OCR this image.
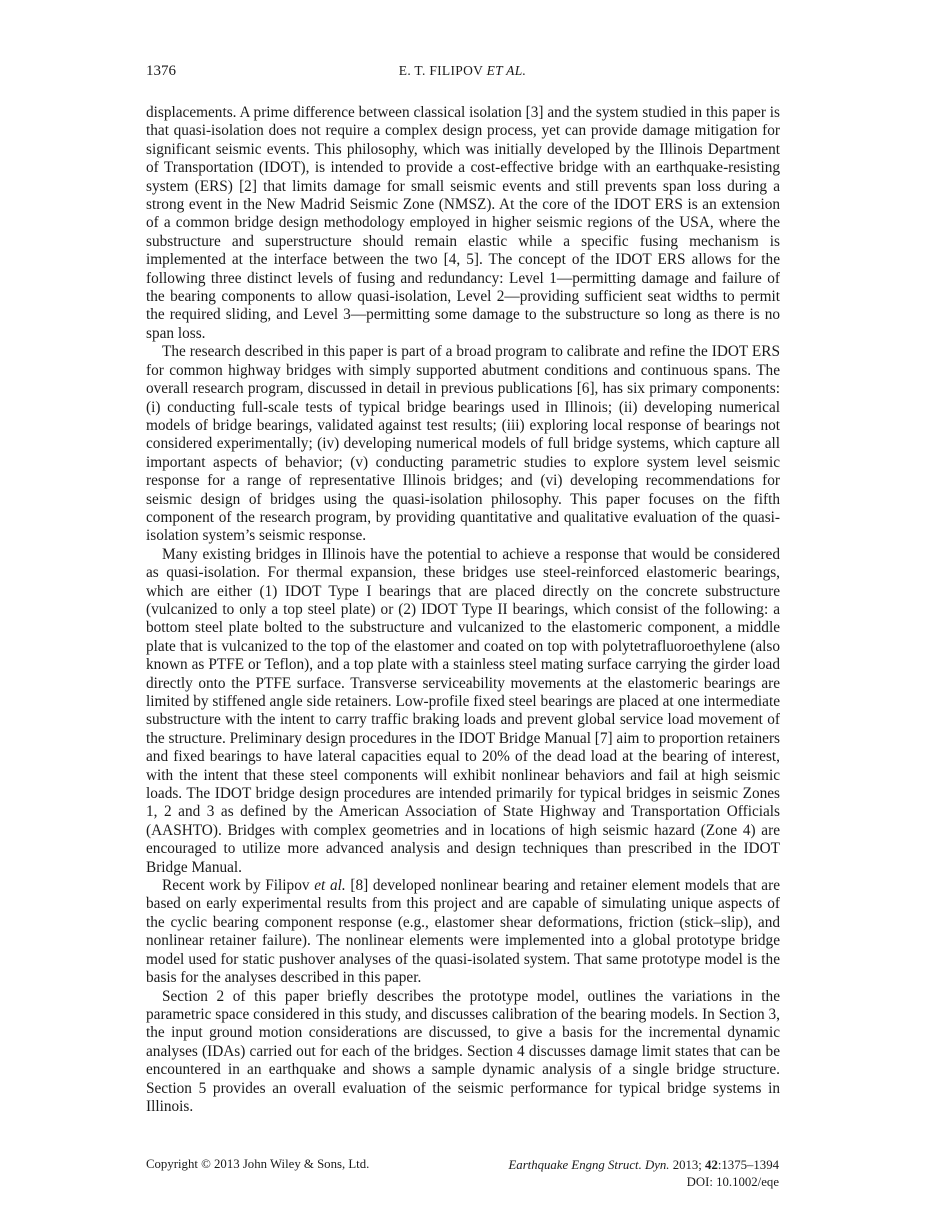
1376	E. T. FILIPOV ET AL.

displacements. A prime difference between classical isolation [3] and the system studied in this paper is that quasi-isolation does not require a complex design process, yet can provide damage mitigation for significant seismic events. This philosophy, which was initially developed by the Illinois Department of Transportation (IDOT), is intended to provide a cost-effective bridge with an earthquake-resisting system (ERS) [2] that limits damage for small seismic events and still prevents span loss during a strong event in the New Madrid Seismic Zone (NMSZ). At the core of the IDOT ERS is an extension of a common bridge design methodology employed in higher seismic regions of the USA, where the substructure and superstructure should remain elastic while a specific fusing mechanism is implemented at the interface between the two [4, 5]. The concept of the IDOT ERS allows for the following three distinct levels of fusing and redundancy: Level 1—permitting damage and failure of the bearing components to allow quasi-isolation, Level 2—providing sufficient seat widths to permit the required sliding, and Level 3—permitting some damage to the substructure so long as there is no span loss.

The research described in this paper is part of a broad program to calibrate and refine the IDOT ERS for common highway bridges with simply supported abutment conditions and continuous spans. The overall research program, discussed in detail in previous publications [6], has six primary components: (i) conducting full-scale tests of typical bridge bearings used in Illinois; (ii) developing numerical models of bridge bearings, validated against test results; (iii) exploring local response of bearings not considered experimentally; (iv) developing numerical models of full bridge systems, which capture all important aspects of behavior; (v) conducting parametric studies to explore system level seismic response for a range of representative Illinois bridges; and (vi) developing recommendations for seismic design of bridges using the quasi-isolation philosophy. This paper focuses on the fifth component of the research program, by providing quantitative and qualitative evaluation of the quasi-isolation system’s seismic response.

Many existing bridges in Illinois have the potential to achieve a response that would be considered as quasi-isolation. For thermal expansion, these bridges use steel-reinforced elastomeric bearings, which are either (1) IDOT Type I bearings that are placed directly on the concrete substructure (vulcanized to only a top steel plate) or (2) IDOT Type II bearings, which consist of the following: a bottom steel plate bolted to the substructure and vulcanized to the elastomeric component, a middle plate that is vulcanized to the top of the elastomer and coated on top with polytetrafluoroethylene (also known as PTFE or Teflon), and a top plate with a stainless steel mating surface carrying the girder load directly onto the PTFE surface. Transverse serviceability movements at the elastomeric bearings are limited by stiffened angle side retainers. Low-profile fixed steel bearings are placed at one intermediate substructure with the intent to carry traffic braking loads and prevent global service load movement of the structure. Preliminary design procedures in the IDOT Bridge Manual [7] aim to proportion retainers and fixed bearings to have lateral capacities equal to 20% of the dead load at the bearing of interest, with the intent that these steel components will exhibit nonlinear behaviors and fail at high seismic loads. The IDOT bridge design procedures are intended primarily for typical bridges in seismic Zones 1, 2 and 3 as defined by the American Association of State Highway and Transportation Officials (AASHTO). Bridges with complex geometries and in locations of high seismic hazard (Zone 4) are encouraged to utilize more advanced analysis and design techniques than prescribed in the IDOT Bridge Manual.

Recent work by Filipov et al. [8] developed nonlinear bearing and retainer element models that are based on early experimental results from this project and are capable of simulating unique aspects of the cyclic bearing component response (e.g., elastomer shear deformations, friction (stick–slip), and nonlinear retainer failure). The nonlinear elements were implemented into a global prototype bridge model used for static pushover analyses of the quasi-isolated system. That same prototype model is the basis for the analyses described in this paper.

Section 2 of this paper briefly describes the prototype model, outlines the variations in the parametric space considered in this study, and discusses calibration of the bearing models. In Section 3, the input ground motion considerations are discussed, to give a basis for the incremental dynamic analyses (IDAs) carried out for each of the bridges. Section 4 discusses damage limit states that can be encountered in an earthquake and shows a sample dynamic analysis of a single bridge structure. Section 5 provides an overall evaluation of the seismic performance for typical bridge systems in Illinois.

Copyright © 2013 John Wiley & Sons, Ltd.	Earthquake Engng Struct. Dyn. 2013; 42:1375–1394
DOI: 10.1002/eqe
